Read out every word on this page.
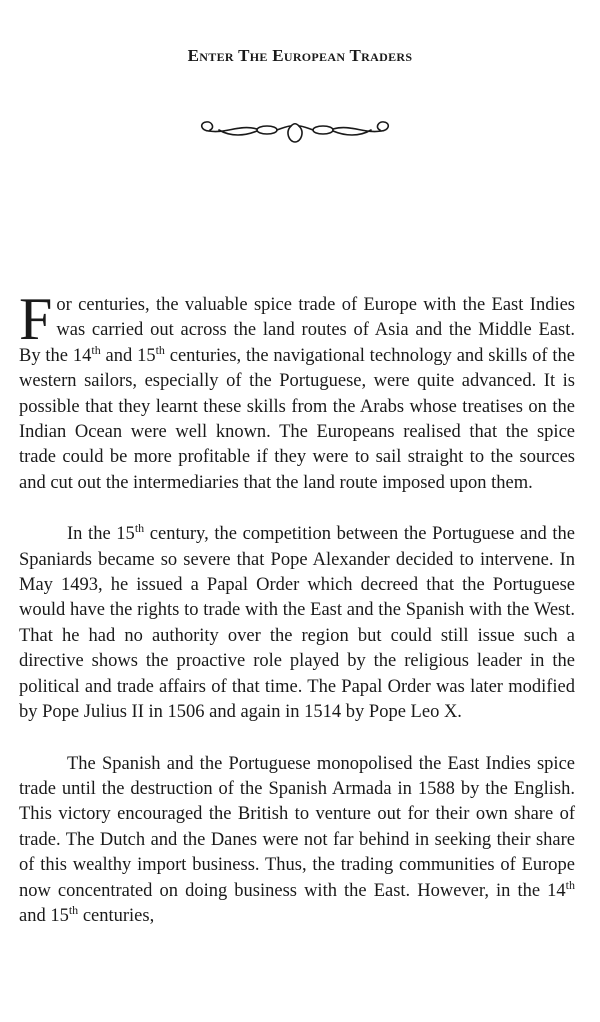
Enter The European Traders

For centuries, the valuable spice trade of Europe with the East Indies was carried out across the land routes of Asia and the Middle East. By the 14th and 15th centuries, the navigational technology and skills of the western sailors, especially of the Portuguese, were quite advanced. It is possible that they learnt these skills from the Arabs whose treatises on the Indian Ocean were well known. The Europeans realised that the spice trade could be more profitable if they were to sail straight to the sources and cut out the intermediaries that the land route imposed upon them.

In the 15th century, the competition between the Portuguese and the Spaniards became so severe that Pope Alexander decided to intervene. In May 1493, he issued a Papal Order which decreed that the Portuguese would have the rights to trade with the East and the Spanish with the West. That he had no authority over the region but could still issue such a directive shows the proactive role played by the religious leader in the political and trade affairs of that time. The Papal Order was later modified by Pope Julius II in 1506 and again in 1514 by Pope Leo X.

The Spanish and the Portuguese monopolised the East Indies spice trade until the destruction of the Spanish Armada in 1588 by the English. This victory encouraged the British to venture out for their own share of trade. The Dutch and the Danes were not far behind in seeking their share of this wealthy import business. Thus, the trading communities of Europe now concentrated on doing business with the East. However, in the 14th and 15th centuries,
